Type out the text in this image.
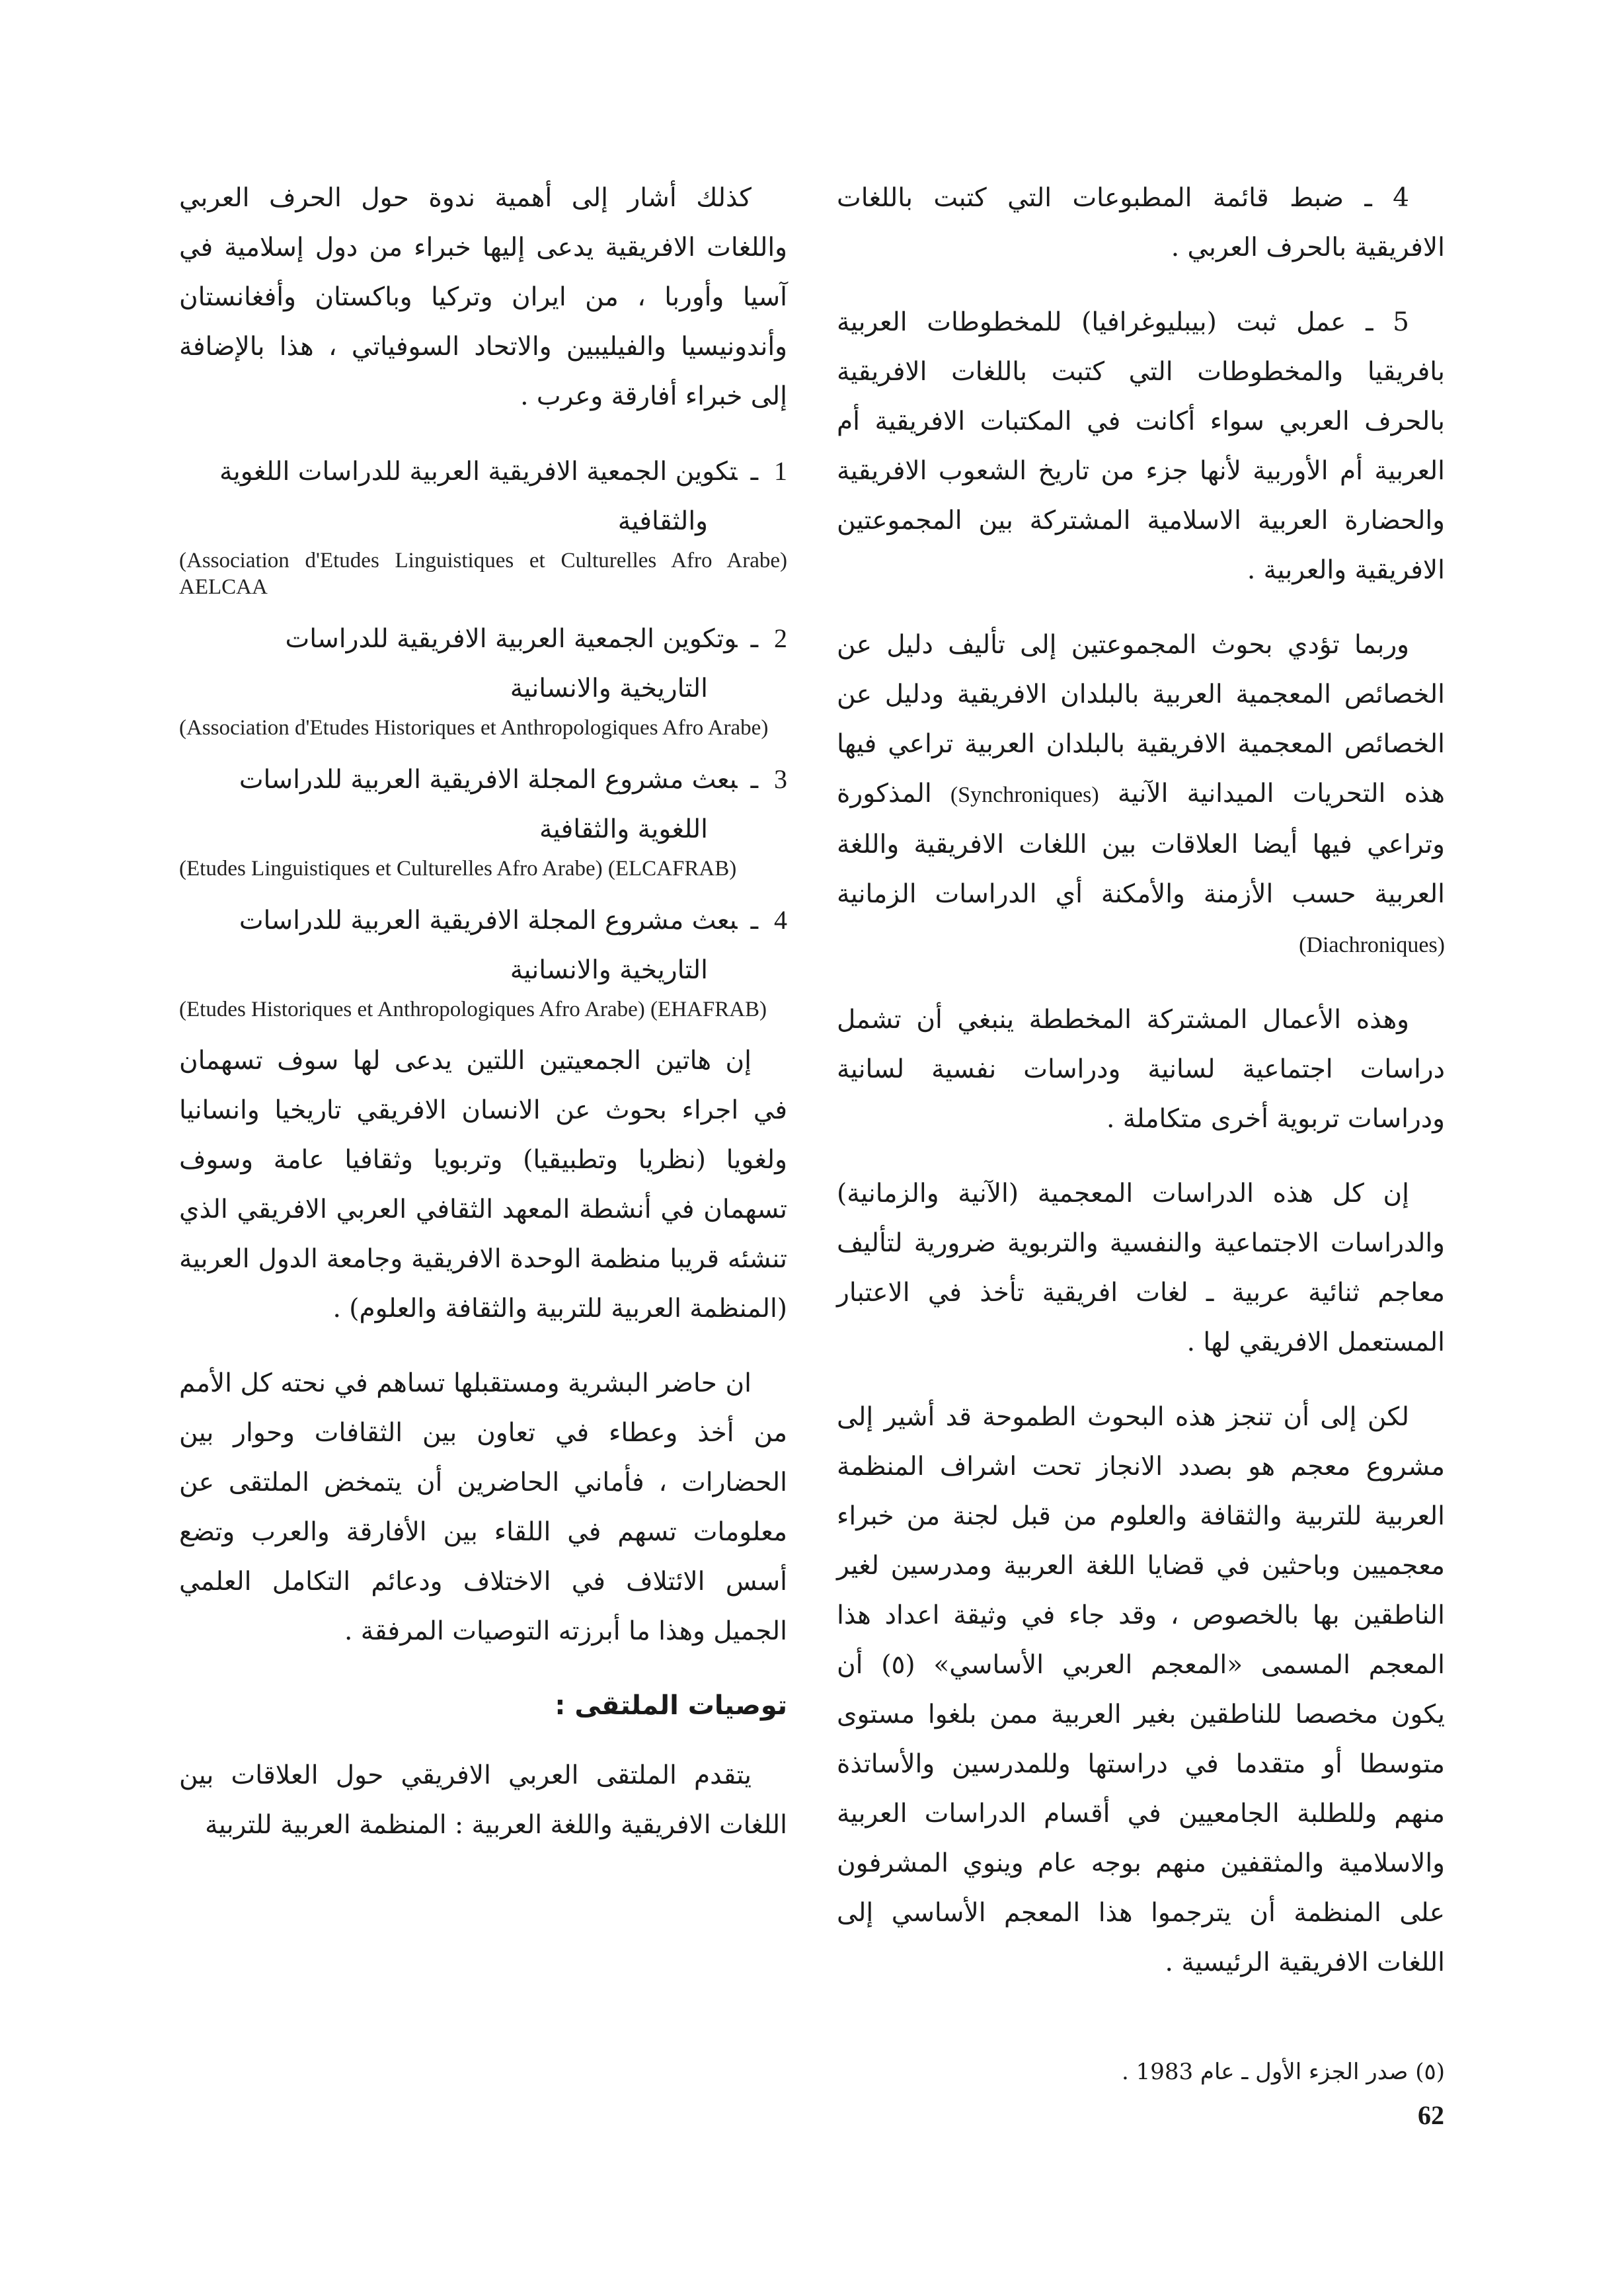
4 ـ ضبط قائمة المطبوعات التي كتبت باللغات الافريقية بالحرف العربي .

5 ـ عمل ثبت (بيبليوغرافيا) للمخطوطات العربية بافريقيا والمخطوطات التي كتبت باللغات الافريقية بالحرف العربي سواء أكانت في المكتبات الافريقية أم العربية أم الأوربية لأنها جزء من تاريخ الشعوب الافريقية والحضارة العربية الاسلامية المشتركة بين المجموعتين الافريقية والعربية .

وربما تؤدي بحوث المجموعتين إلى تأليف دليل عن الخصائص المعجمية العربية بالبلدان الافريقية ودليل عن الخصائص المعجمية الافريقية بالبلدان العربية تراعي فيها هذه التحريات الميدانية الآنية (Synchroniques) المذكورة وتراعي فيها أيضا العلاقات بين اللغات الافريقية واللغة العربية حسب الأزمنة والأمكنة أي الدراسات الزمانية (Diachroniques)

وهذه الأعمال المشتركة المخططة ينبغي أن تشمل دراسات اجتماعية لسانية ودراسات نفسية لسانية ودراسات تربوية أخرى متكاملة .

إن كل هذه الدراسات المعجمية (الآنية والزمانية) والدراسات الاجتماعية والنفسية والتربوية ضرورية لتأليف معاجم ثنائية عربية ـ لغات افريقية تأخذ في الاعتبار المستعمل الافريقي لها .

لكن إلى أن تنجز هذه البحوث الطموحة قد أشير إلى مشروع معجم هو بصدد الانجاز تحت اشراف المنظمة العربية للتربية والثقافة والعلوم من قبل لجنة من خبراء معجميين وباحثين في قضايا اللغة العربية ومدرسين لغير الناطقين بها بالخصوص ، وقد جاء في وثيقة اعداد هذا المعجم المسمى «المعجم العربي الأساسي» (٥) أن يكون مخصصا للناطقين بغير العربية ممن بلغوا مستوى متوسطا أو متقدما في دراستها وللمدرسين والأساتذة منهم وللطلبة الجامعيين في أقسام الدراسات العربية والاسلامية والمثقفين منهم بوجه عام وينوي المشرفون على المنظمة أن يترجموا هذا المعجم الأساسي إلى اللغات الافريقية الرئيسية .

كذلك أشار إلى أهمية ندوة حول الحرف العربي واللغات الافريقية يدعى إليها خبراء من دول إسلامية في آسيا وأوربا ، من ايران وتركيا وباكستان وأفغانستان وأندونيسيا والفيليبين والاتحاد السوفياتي ، هذا بالإضافة إلى خبراء أفارقة وعرب .

1ـتكوين الجمعية الافريقية العربية للدراسات اللغوية

والثقافية

(Association d'Etudes Linguistiques et Culturelles Afro Arabe) AELCAA

2ـوتكوين الجمعية العربية الافريقية للدراسات

التاريخية والانسانية

(Association d'Etudes Historiques et Anthropologiques Afro Arabe)

3ـبعث مشروع المجلة الافريقية العربية للدراسات

اللغوية والثقافية

(Etudes Linguistiques et Culturelles Afro Arabe) (ELCAFRAB)

4ـبعث مشروع المجلة الافريقية العربية للدراسات

التاريخية والانسانية

(Etudes Historiques et Anthropologiques Afro Arabe) (EHAFRAB)

إن هاتين الجمعيتين اللتين يدعى لها سوف تسهمان في اجراء بحوث عن الانسان الافريقي تاريخيا وانسانيا ولغويا (نظريا وتطبيقيا) وتربويا وثقافيا عامة وسوف تسهمان في أنشطة المعهد الثقافي العربي الافريقي الذي تنشئه قريبا منظمة الوحدة الافريقية وجامعة الدول العربية (المنظمة العربية للتربية والثقافة والعلوم) .

ان حاضر البشرية ومستقبلها تساهم في نحته كل الأمم من أخذ وعطاء في تعاون بين الثقافات وحوار بين الحضارات ، فأماني الحاضرين أن يتمخض الملتقى عن معلومات تسهم في اللقاء بين الأفارقة والعرب وتضع أسس الائتلاف في الاختلاف ودعائم التكامل العلمي الجميل وهذا ما أبرزته التوصيات المرفقة .

توصيات الملتقى :

يتقدم الملتقى العربي الافريقي حول العلاقات بين اللغات الافريقية واللغة العربية : المنظمة العربية للتربية

(٥) صدر الجزء الأول ـ عام 1983 .
62
